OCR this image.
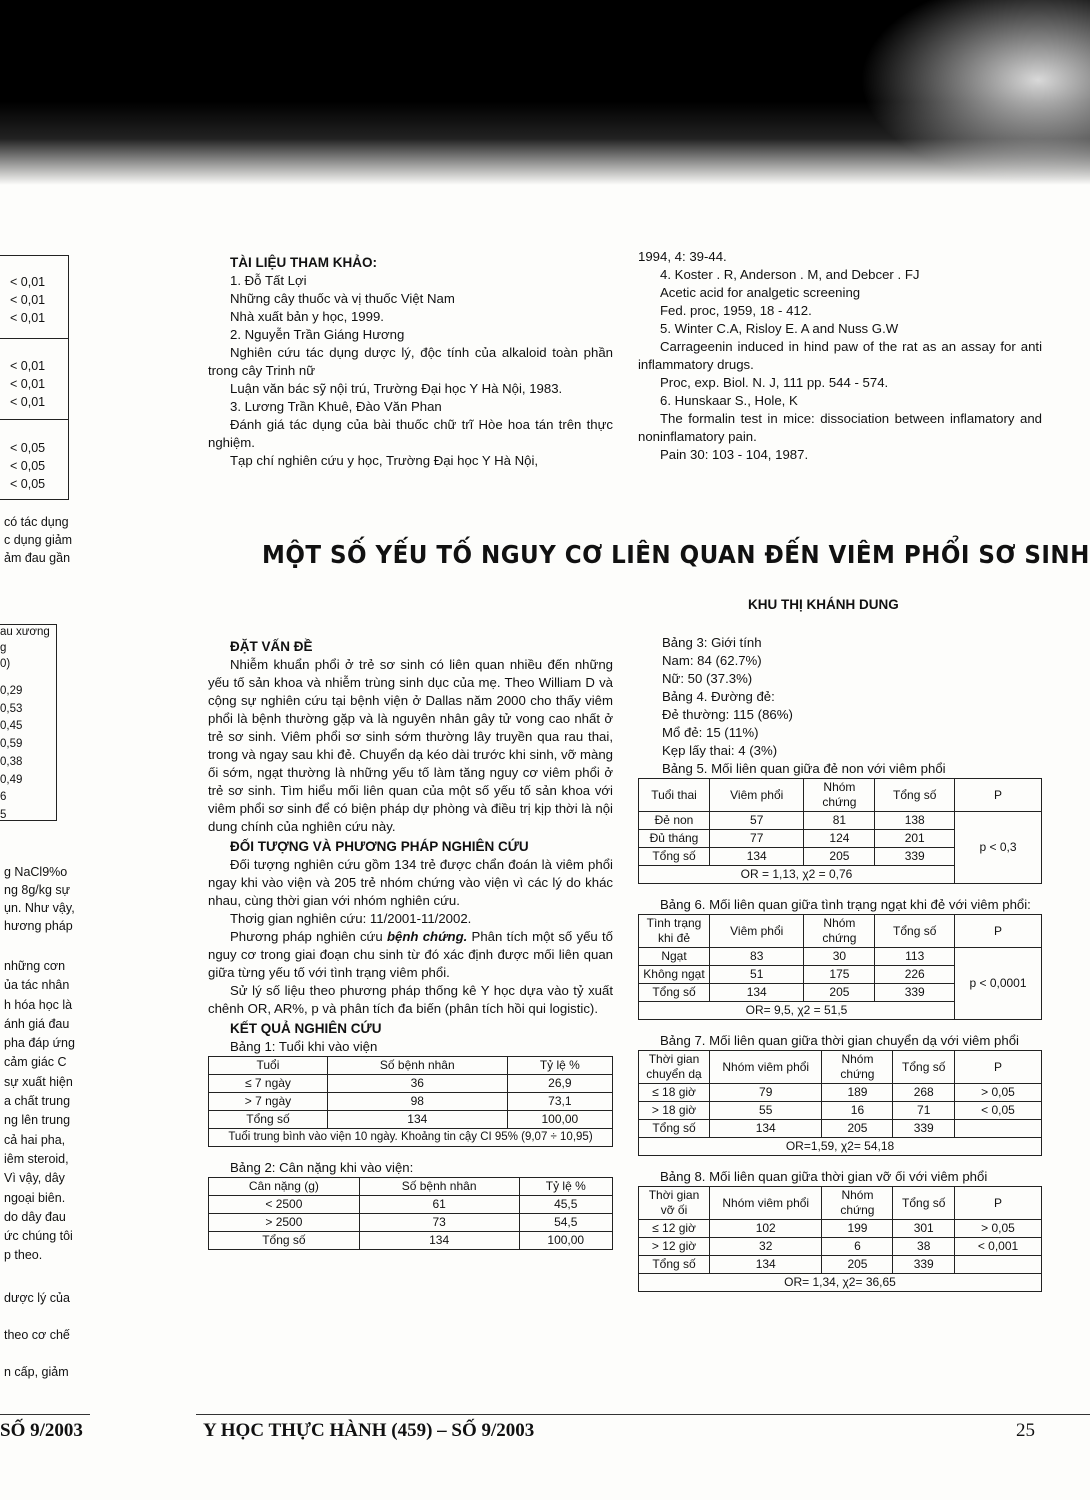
< 0,01
< 0,01
< 0,01
< 0,01
< 0,01
< 0,01
< 0,05
< 0,05
< 0,05
có tác dụng
c dụng giảm
ảm đau gần
au xương
g
0)
0,29
0,53
0,45
0,59
0,38
0,49
6
5
g NaCl9%o
ng 8g/kg sự
ụn. Như vậy,
hương pháp
những cơn
ủa tác nhân
h hóa học là
ánh giá đau
pha đáp ứng
cảm giác C
sự xuất hiện
a chất trung
ng lên trung
cả hai pha,
iêm steroid,
Vì vậy, dây
ngoại biên.
do dây đau
ức chúng tôi
p theo.
dược lý của
theo cơ chế
n cấp, giảm
TÀI LIỆU THAM KHẢO:
1. Đỗ Tất Lợi
Những cây thuốc và vị thuốc Việt Nam
Nhà xuất bản y học, 1999.
2. Nguyễn Trần Giáng Hương
Nghiên cứu tác dụng dược lý, độc tính của alkaloid toàn phần trong cây Trinh nữ
Luận văn bác sỹ nội trú, Trường Đại học Y Hà Nội, 1983.
3. Lương Trần Khuê, Đào Văn Phan
Đánh giá tác dụng của bài thuốc chữ trĩ Hòe hoa tán trên thực nghiệm.
Tạp chí nghiên cứu y học, Trường Đại học Y Hà Nội,
1994, 4: 39-44.
4. Koster . R, Anderson . M, and Debcer . FJ
Acetic acid for analgetic screening
Fed. proc, 1959, 18 - 412.
5. Winter C.A, Risloy E. A and Nuss G.W
Carrageenin induced in hind paw of the rat as an assay for anti inflammatory drugs.
Proc, exp. Biol. N. J, 111 pp. 544 - 574.
6. Hunskaar S., Hole, K
The formalin test in mice: dissociation between inflamatory and noninflamatory pain.
Pain 30: 103 - 104, 1987.
MỘT SỐ YẾU TỐ NGUY CƠ LIÊN QUAN ĐẾN VIÊM PHỔI SƠ SINH
KHU THỊ KHÁNH DUNG
ĐẶT VẤN ĐỀ

Nhiễm khuẩn phổi ở trẻ sơ sinh có liên quan nhiều đến những yếu tố sản khoa và nhiễm trùng sinh dục của mẹ. Theo William D và cộng sự nghiên cứu tại bệnh viện ở Dallas năm 2000 cho thấy viêm phổi là bệnh thường gặp và là nguyên nhân gây tử vong cao nhất ở trẻ sơ sinh. Viêm phổi sơ sinh sớm thường lây truyền qua rau thai, trong và ngay sau khi đẻ. Chuyển dạ kéo dài trước khi sinh, vỡ màng ối sớm, ngạt thường là những yếu tố làm tăng nguy cơ viêm phổi ở trẻ sơ sinh. Tìm hiểu mối liên quan của một số yếu tố sản khoa với viêm phổi sơ sinh để có biện pháp dự phòng và điều trị kịp thời là nội dung chính của nghiên cứu này.

ĐỐI TƯỢNG VÀ PHƯƠNG PHÁP NGHIÊN CỨU

Đối tượng nghiên cứu gồm 134 trẻ được chẩn đoán là viêm phổi ngay khi vào viện và 205 trẻ nhóm chứng vào viện vì các lý do khác nhau, cùng thời gian với nhóm nghiên cứu.

Thơig gian nghiên cứu: 11/2001-11/2002.

Phương pháp nghiên cứu bệnh chứng. Phân tích một số yếu tố nguy cơ trong giai đoạn chu sinh từ đó xác định được mối liên quan giữa từng yếu tố với tình trạng viêm phổi.

Sử lý số liệu theo phương pháp thống kê Y học dựa vào tỷ xuất chênh OR, AR%, p và phân tích đa biến (phân tích hồi qui logistic).

KẾT QUẢ NGHIÊN CỨU

Bảng 1: Tuổi khi vào viện

Tuổi	Số bệnh nhân	Tỷ lệ %
≤ 7 ngày	36	26,9
> 7 ngày	98	73,1
Tổng số	134	100,00
Tuổi trung bình vào viện 10 ngày. Khoảng tin cậy CI 95% (9,07 ÷ 10,95)		

Bảng 2: Cân nặng khi vào viện:

Cân nặng (g)	Số bệnh nhân	Tỷ lệ %
< 2500	61	45,5
> 2500	73	54,5
Tổng số	134	100,00
Bảng 3: Giới tính
Nam: 84 (62.7%)
Nữ: 50 (37.3%)
Bảng 4. Đường đẻ:
Đẻ thường: 115 (86%)
Mổ đẻ: 15 (11%)
Kẹp lấy thai: 4 (3%)

Bảng 5. Mối liên quan giữa đẻ non với viêm phổi

Tuổi thai	Viêm phổi	Nhóm chứng	Tổng số	P
Đẻ non	57	81	138	p < 0,3
Đủ tháng	77	124	201	
Tổng số	134	205	339	
OR = 1,13, χ2 = 0,76				

Bảng 6. Mối liên quan giữa tình trạng ngạt khi đẻ với viêm phổi:

Tình trạng khi đẻ	Viêm phổi	Nhóm chứng	Tổng số	P
Ngạt	83	30	113	p < 0,0001
Không ngạt	51	175	226	
Tổng số	134	205	339	
OR= 9,5, χ2 = 51,5				

Bảng 7. Mối liên quan giữa thời gian chuyển dạ với viêm phổi

Thời gian chuyển dạ	Nhóm viêm phổi	Nhóm chứng	Tổng số	P
≤ 18 giờ	79	189	268	> 0,05
> 18 giờ	55	16	71	< 0,05
Tổng số	134	205	339	
OR=1,59, χ2= 54,18				

Bảng 8. Mối liên quan giữa thời gian vỡ ối với viêm phổi

Thời gian vỡ ối	Nhóm viêm phổi	Nhóm chứng	Tổng số	P
≤ 12 giờ	102	199	301	> 0,05
> 12 giờ	32	6	38	< 0,001
Tổng số	134	205	339	
OR= 1,34, χ2= 36,65				
SỐ 9/2003	Y HỌC THỰC HÀNH (459) – SỐ 9/2003	25
